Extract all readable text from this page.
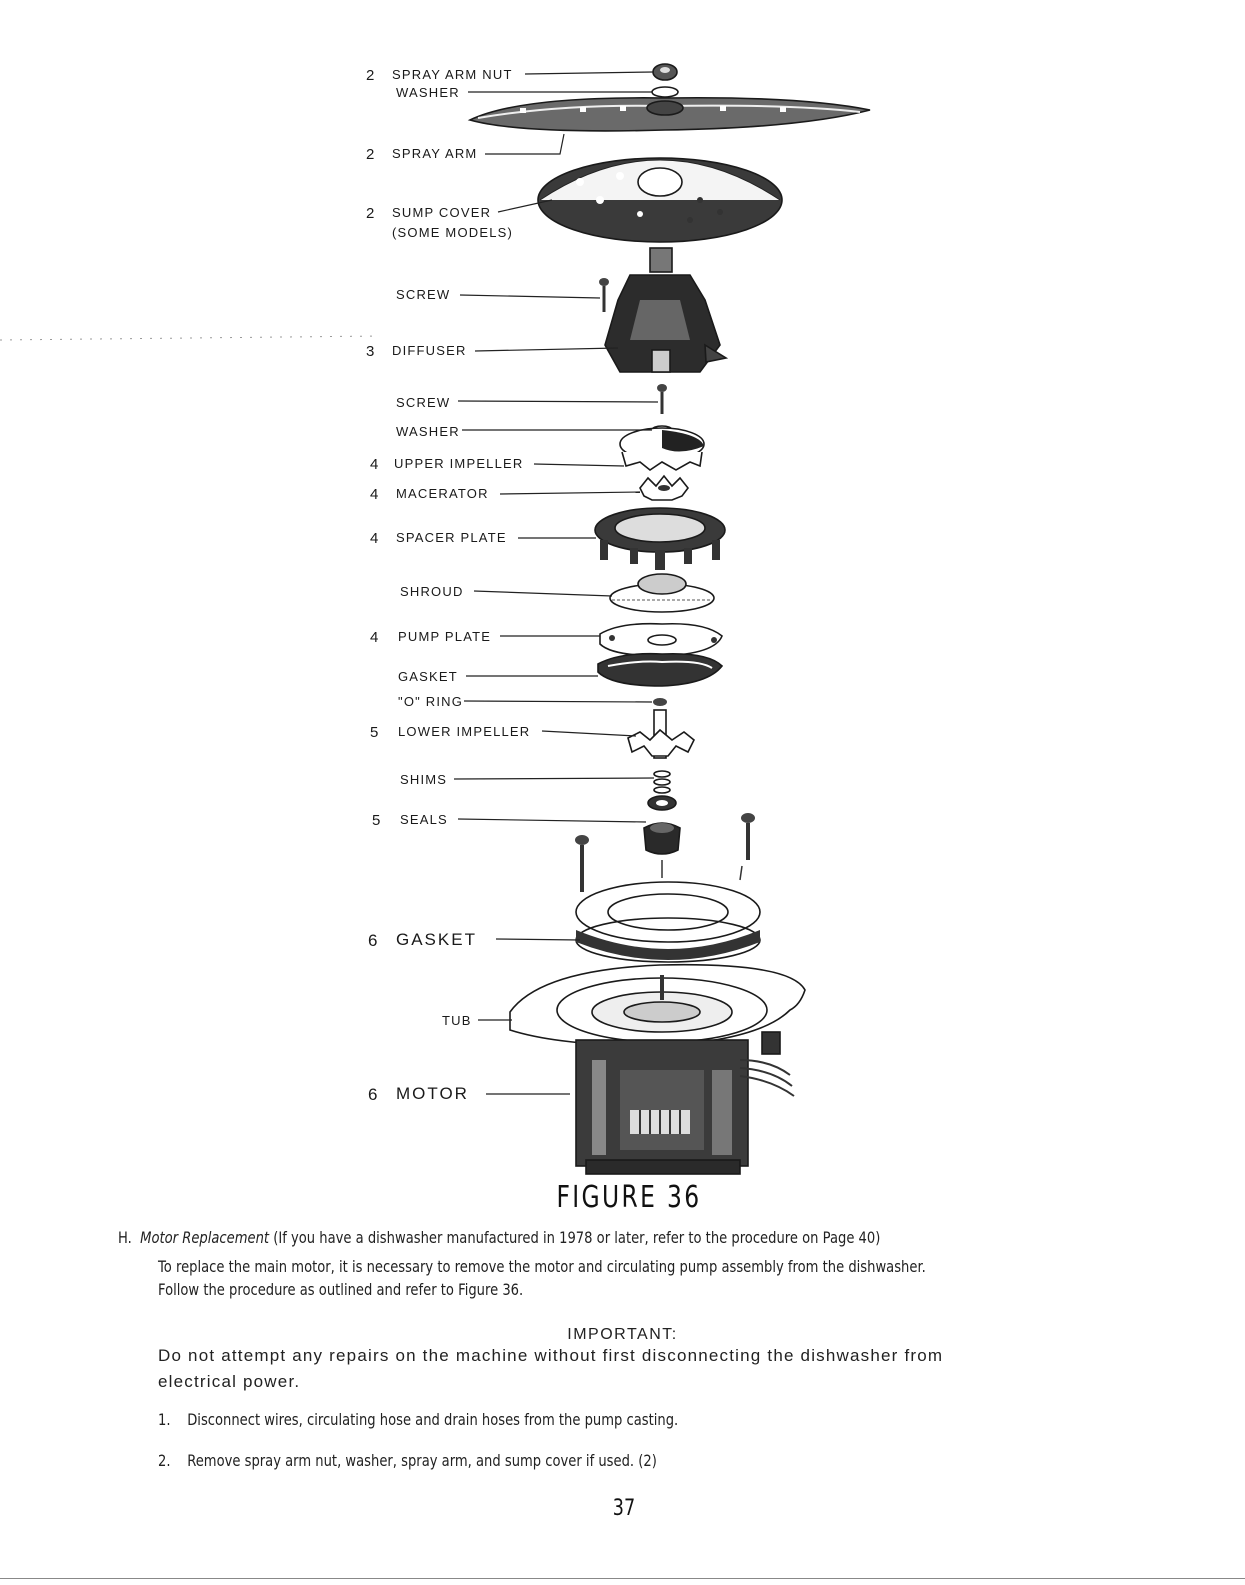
2 SPRAY ARM NUT
WASHER
2 SPRAY ARM
2 SUMP COVER
(SOME MODELS)
SCREW
3 DIFFUSER
SCREW
WASHER
4 UPPER IMPELLER
4 MACERATOR
4 SPACER PLATE
SHROUD
4 PUMP PLATE
GASKET
"O" RING
5 LOWER IMPELLER
SHIMS
5 SEALS
6 GASKET
TUB
6 MOTOR
FIGURE 36
H. Motor Replacement (If you have a dishwasher manufactured in 1978 or later, refer to the procedure on Page 40)
To replace the main motor, it is necessary to remove the motor and circulating pump assembly from the dishwasher.
Follow the procedure as outlined and refer to Figure 36.
IMPORTANT:
Do not attempt any repairs on the machine without first disconnecting the dishwasher from
electrical power.
1. Disconnect wires, circulating hose and drain hoses from the pump casting.
2. Remove spray arm nut, washer, spray arm, and sump cover if used. (2)
37
